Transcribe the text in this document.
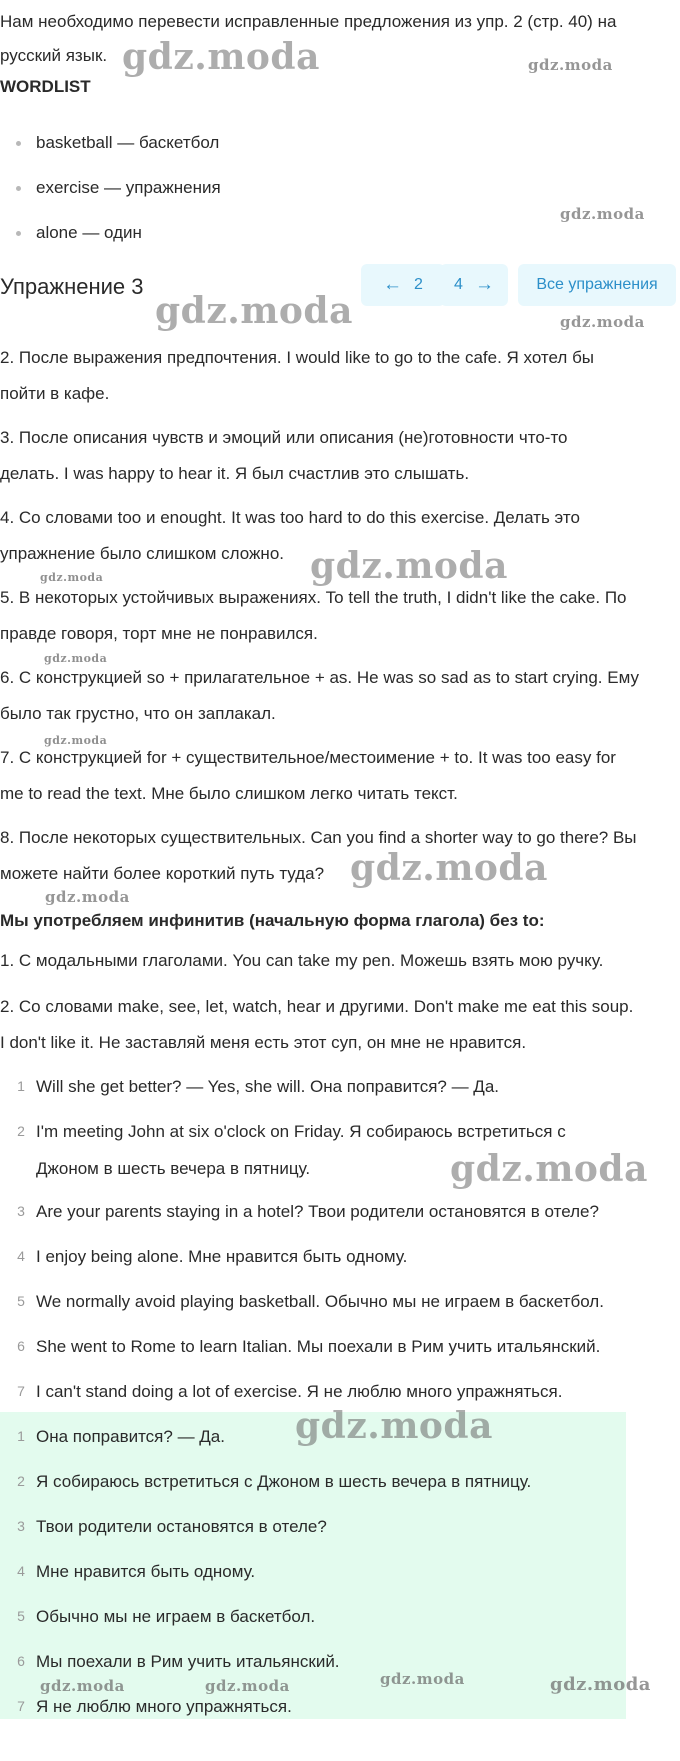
Нам необходимо перевести исправленные предложения из упр. 2 (стр. 40) на
русский язык.

WORDLIST
basketball — баскетбол
exercise — упражнения
alone — один
Упражнение 3	← 2 4 →	Все упражнения

2. После выражения предпочтения. I would like to go to the cafe. Я хотел бы
пойти в кафе.

3. После описания чувств и эмоций или описания (не)готовности что-то
делать. I was happy to hear it. Я был счастлив это слышать.

4. Со словами too и enought. It was too hard to do this exercise. Делать это
упражнение было слишком сложно.

5. В некоторых устойчивых выражениях. To tell the truth, I didn't like the cake. По
правде говоря, торт мне не понравился.

6. С конструкцией so + прилагательное + as. He was so sad as to start crying. Ему
было так грустно, что он заплакал.

7. С конструкцией for + существительное/местоимение + to. It was too easy for
me to read the text. Мне было слишком легко читать текст.

8. После некоторых существительных. Can you find a shorter way to go there? Вы
можете найти более короткий путь туда?

Мы употребляем инфинитив (начальную форма глагола) без to:

1. С модальными глаголами. You can take my pen. Можешь взять мою ручку.

2. Со словами make, see, let, watch, hear и другими. Don't make me eat this soup.
I don't like it. Не заставляй меня есть этот суп, он мне не нравится.

1 Will she get better? — Yes, she will. Она поправится? — Да.
2 I'm meeting John at six o'clock on Friday. Я собираюсь встретиться с
Джоном в шесть вечера в пятницу.
3 Are your parents staying in a hotel? Твои родители остановятся в отеле?
4 I enjoy being alone. Мне нравится быть одному.
5 We normally avoid playing basketball. Обычно мы не играем в баскетбол.
6 She went to Rome to learn Italian. Мы поехали в Рим учить итальянский.
7 I can't stand doing a lot of exercise. Я не люблю много упражняться.
1 Она поправится? — Да.
2 Я собираюсь встретиться с Джоном в шесть вечера в пятницу.
3 Твои родители остановятся в отеле?
4 Мне нравится быть одному.
5 Обычно мы не играем в баскетбол.
6 Мы поехали в Рим учить итальянский.
7 Я не люблю много упражняться.
gdz.moda	gdz.moda
gdz.moda
gdz.moda	gdz.moda
gdz.moda
gdz.moda
gdz.moda
gdz.moda
gdz.moda
gdz.moda
gdz.moda
gdz.moda
gdz.moda	gdz.moda	gdz.moda	gdz.moda
